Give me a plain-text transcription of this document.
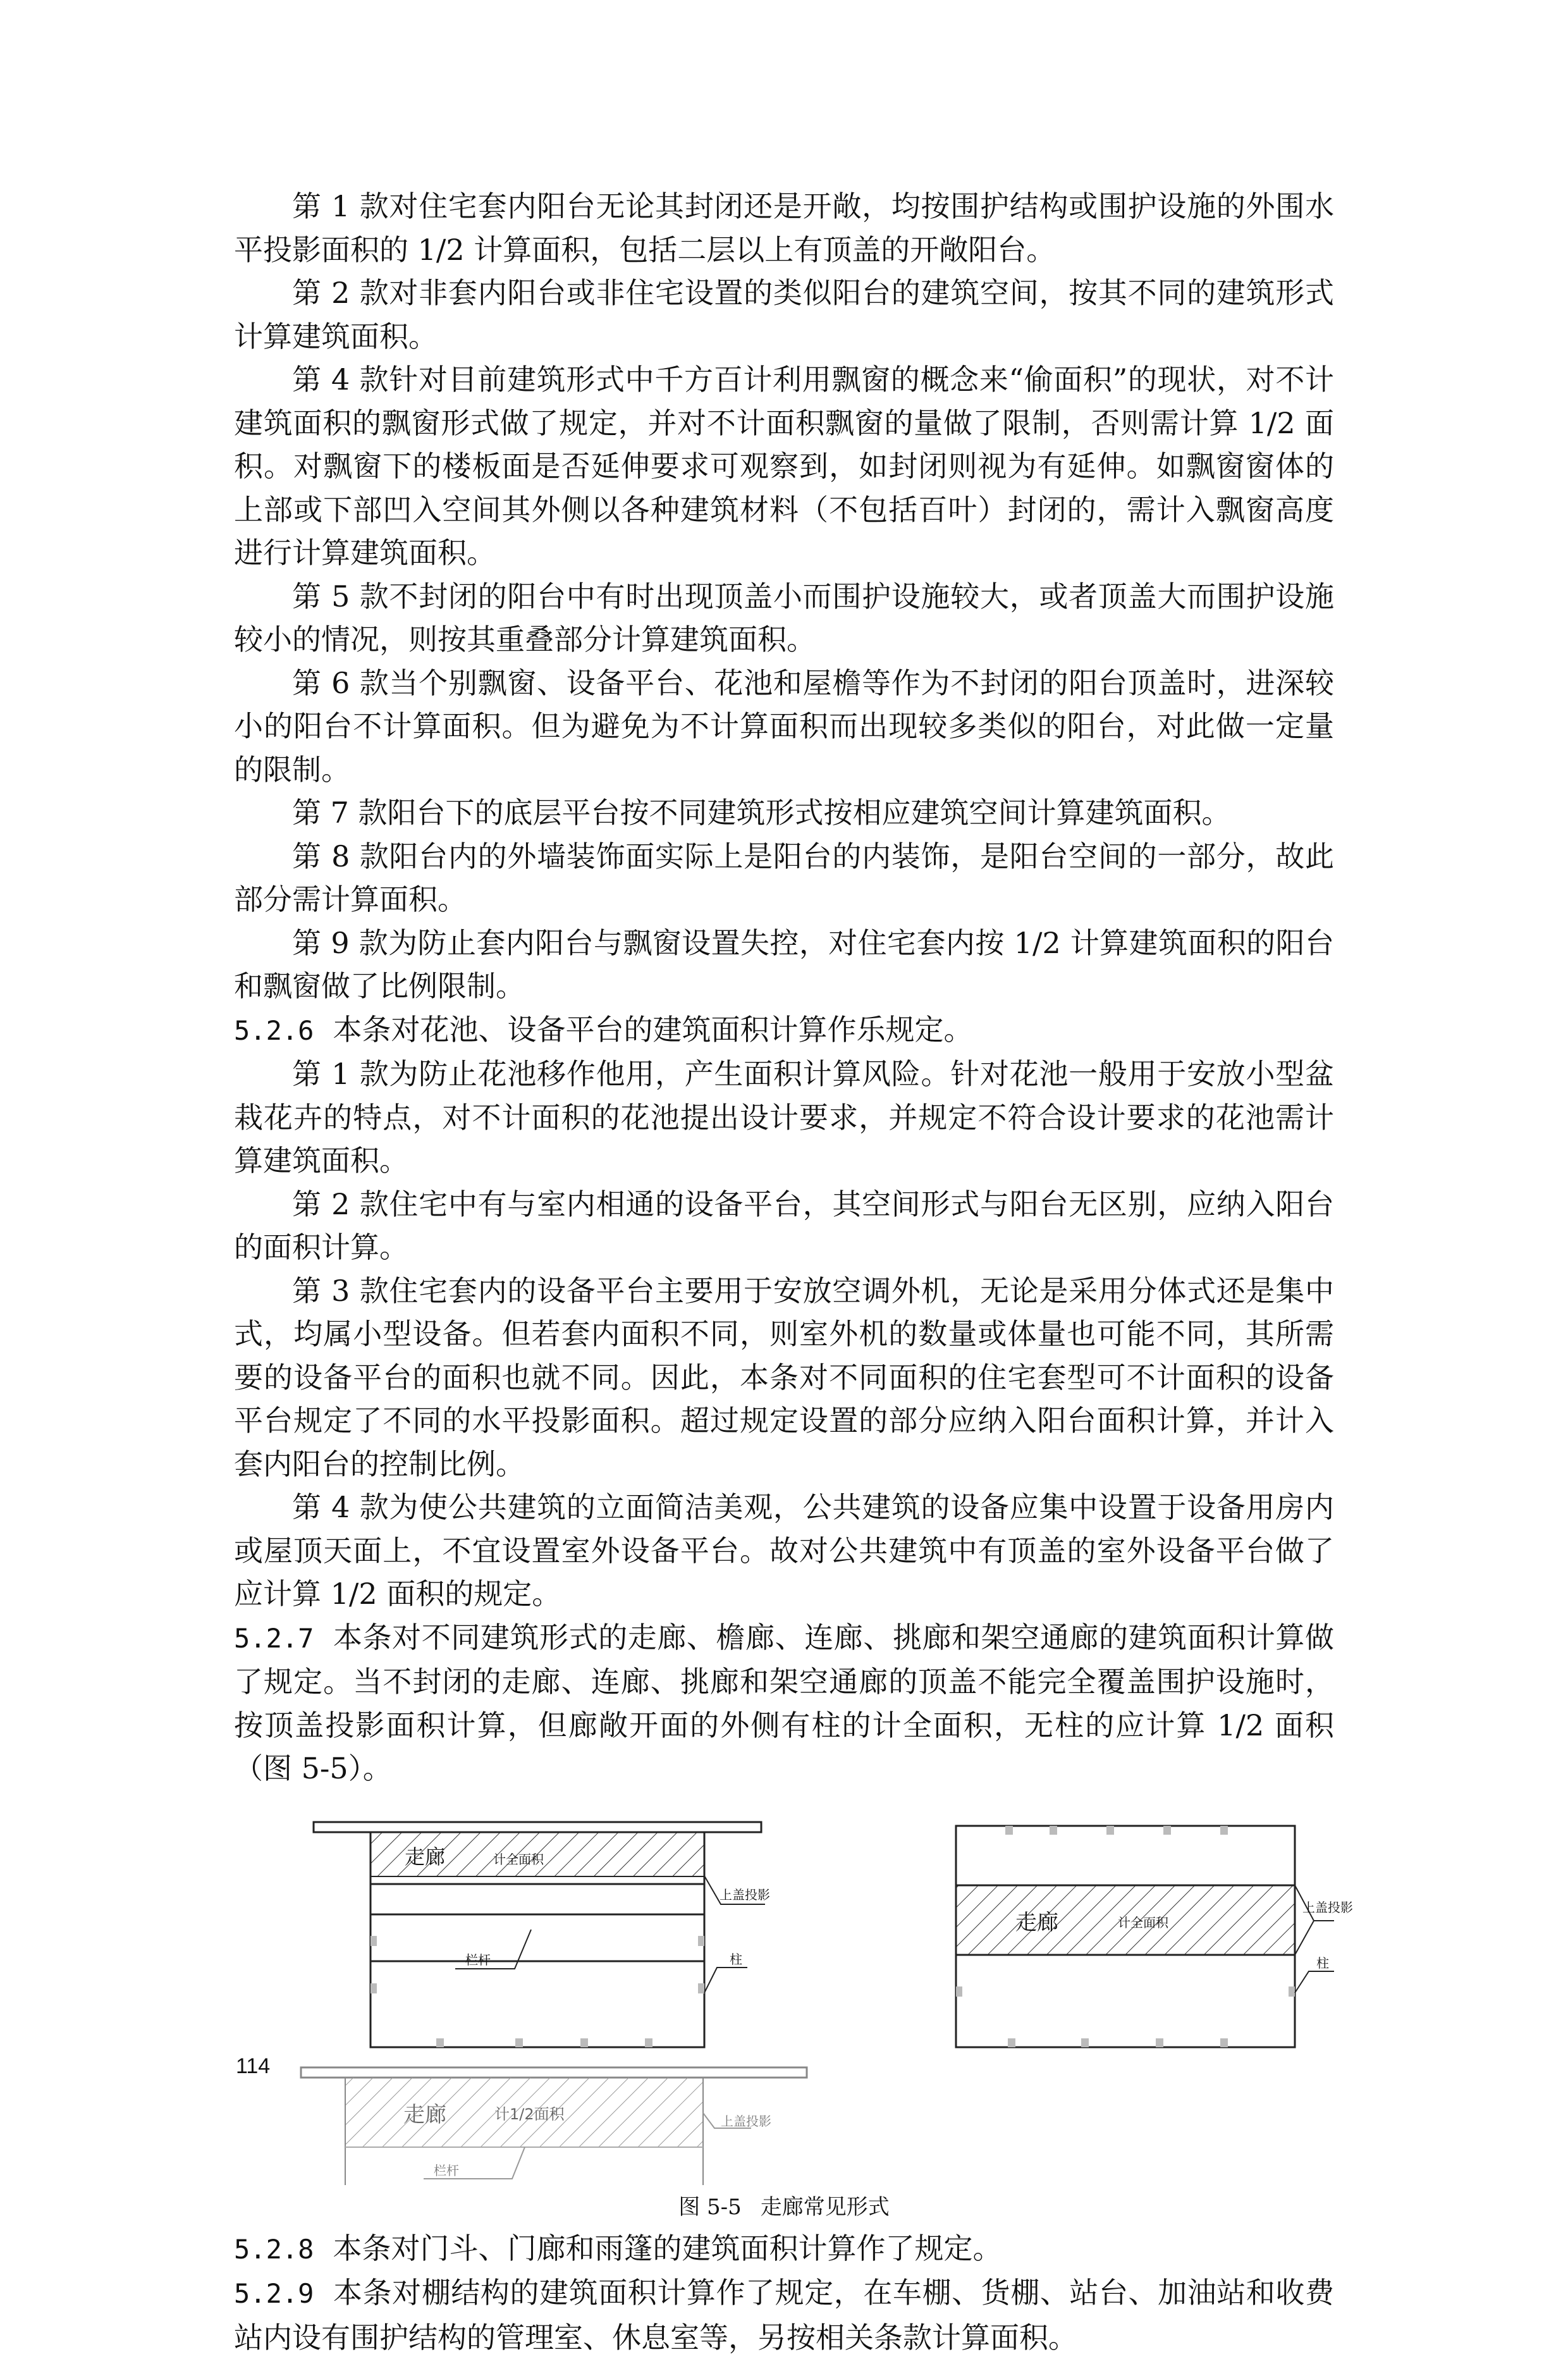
第 1 款对住宅套内阳台无论其封闭还是开敞，均按围护结构或围护设施的外围水平投影面积的 1/2 计算面积，包括二层以上有顶盖的开敞阳台。

第 2 款对非套内阳台或非住宅设置的类似阳台的建筑空间，按其不同的建筑形式计算建筑面积。

第 4 款针对目前建筑形式中千方百计利用飘窗的概念来“偷面积”的现状，对不计建筑面积的飘窗形式做了规定，并对不计面积飘窗的量做了限制，否则需计算 1/2 面积。对飘窗下的楼板面是否延伸要求可观察到，如封闭则视为有延伸。如飘窗窗体的上部或下部凹入空间其外侧以各种建筑材料（不包括百叶）封闭的，需计入飘窗高度进行计算建筑面积。

第 5 款不封闭的阳台中有时出现顶盖小而围护设施较大，或者顶盖大而围护设施较小的情况，则按其重叠部分计算建筑面积。

第 6 款当个别飘窗、设备平台、花池和屋檐等作为不封闭的阳台顶盖时，进深较小的阳台不计算面积。但为避免为不计算面积而出现较多类似的阳台，对此做一定量的限制。

第 7 款阳台下的底层平台按不同建筑形式按相应建筑空间计算建筑面积。

第 8 款阳台内的外墙装饰面实际上是阳台的内装饰，是阳台空间的一部分，故此部分需计算面积。

第 9 款为防止套内阳台与飘窗设置失控，对住宅套内按 1/2 计算建筑面积的阳台和飘窗做了比例限制。

5.2.6 本条对花池、设备平台的建筑面积计算作乐规定。

第 1 款为防止花池移作他用，产生面积计算风险。针对花池一般用于安放小型盆栽花卉的特点，对不计面积的花池提出设计要求，并规定不符合设计要求的花池需计算建筑面积。

第 2 款住宅中有与室内相通的设备平台，其空间形式与阳台无区别，应纳入阳台的面积计算。

第 3 款住宅套内的设备平台主要用于安放空调外机，无论是采用分体式还是集中式，均属小型设备。但若套内面积不同，则室外机的数量或体量也可能不同，其所需要的设备平台的面积也就不同。因此，本条对不同面积的住宅套型可不计面积的设备平台规定了不同的水平投影面积。超过规定设置的部分应纳入阳台面积计算，并计入套内阳台的控制比例。

第 4 款为使公共建筑的立面简洁美观，公共建筑的设备应集中设置于设备用房内或屋顶天面上，不宜设置室外设备平台。故对公共建筑中有顶盖的室外设备平台做了应计算 1/2 面积的规定。

5.2.7 本条对不同建筑形式的走廊、檐廊、连廊、挑廊和架空通廊的建筑面积计算做了规定。当不封闭的走廊、连廊、挑廊和架空通廊的顶盖不能完全覆盖围护设施时，按顶盖投影面积计算，但廊敞开面的外侧有柱的计全面积，无柱的应计算 1/2 面积（图 5-5）。

走廊	计全面积
上盖投影
栏杆	柱
走廊	计全面积
上盖投影
柱
走廊	计1/2面积	上盖投影
栏杆

图 5-5 走廊常见形式

5.2.8 本条对门斗、门廊和雨篷的建筑面积计算作了规定。

5.2.9 本条对棚结构的建筑面积计算作了规定，在车棚、货棚、站台、加油站和收费站内设有围护结构的管理室、休息室等，另按相关条款计算面积。

114
